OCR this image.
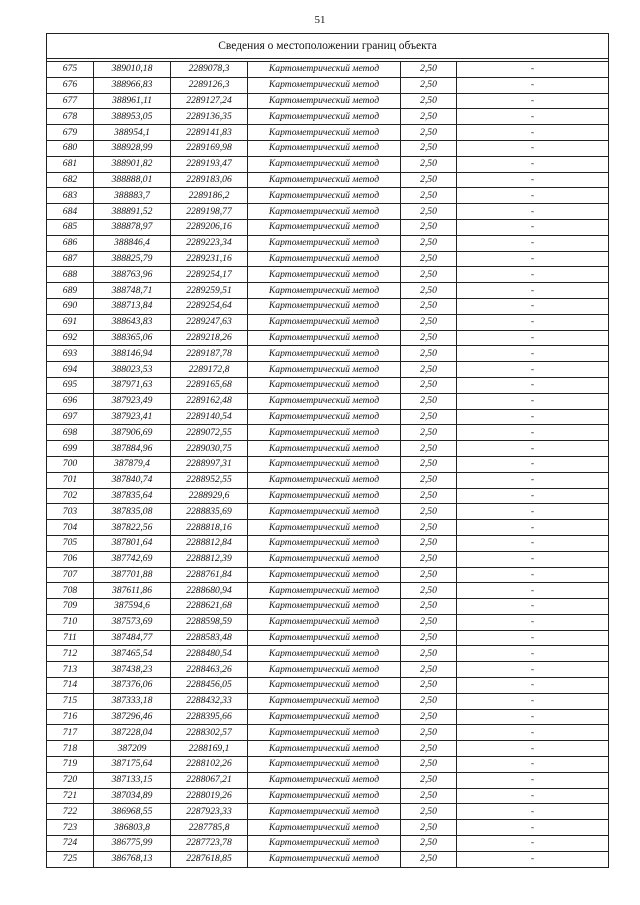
51
Сведения о местоположении границ объекта					

675	389010,18	2289078,3	Картометрический метод	2,50	-
676	388966,83	2289126,3	Картометрический метод	2,50	-
677	388961,11	2289127,24	Картометрический метод	2,50	-
678	388953,05	2289136,35	Картометрический метод	2,50	-
679	388954,1	2289141,83	Картометрический метод	2,50	-
680	388928,99	2289169,98	Картометрический метод	2,50	-
681	388901,82	2289193,47	Картометрический метод	2,50	-
682	388888,01	2289183,06	Картометрический метод	2,50	-
683	388883,7	2289186,2	Картометрический метод	2,50	-
684	388891,52	2289198,77	Картометрический метод	2,50	-
685	388878,97	2289206,16	Картометрический метод	2,50	-
686	388846,4	2289223,34	Картометрический метод	2,50	-
687	388825,79	2289231,16	Картометрический метод	2,50	-
688	388763,96	2289254,17	Картометрический метод	2,50	-
689	388748,71	2289259,51	Картометрический метод	2,50	-
690	388713,84	2289254,64	Картометрический метод	2,50	-
691	388643,83	2289247,63	Картометрический метод	2,50	-
692	388365,06	2289218,26	Картометрический метод	2,50	-
693	388146,94	2289187,78	Картометрический метод	2,50	-
694	388023,53	2289172,8	Картометрический метод	2,50	-
695	387971,63	2289165,68	Картометрический метод	2,50	-
696	387923,49	2289162,48	Картометрический метод	2,50	-
697	387923,41	2289140,54	Картометрический метод	2,50	-
698	387906,69	2289072,55	Картометрический метод	2,50	-
699	387884,96	2289030,75	Картометрический метод	2,50	-
700	387879,4	2288997,31	Картометрический метод	2,50	-
701	387840,74	2288952,55	Картометрический метод	2,50	-
702	387835,64	2288929,6	Картометрический метод	2,50	-
703	387835,08	2288835,69	Картометрический метод	2,50	-
704	387822,56	2288818,16	Картометрический метод	2,50	-
705	387801,64	2288812,84	Картометрический метод	2,50	-
706	387742,69	2288812,39	Картометрический метод	2,50	-
707	387701,88	2288761,84	Картометрический метод	2,50	-
708	387611,86	2288680,94	Картометрический метод	2,50	-
709	387594,6	2288621,68	Картометрический метод	2,50	-
710	387573,69	2288598,59	Картометрический метод	2,50	-
711	387484,77	2288583,48	Картометрический метод	2,50	-
712	387465,54	2288480,54	Картометрический метод	2,50	-
713	387438,23	2288463,26	Картометрический метод	2,50	-
714	387376,06	2288456,05	Картометрический метод	2,50	-
715	387333,18	2288432,33	Картометрический метод	2,50	-
716	387296,46	2288395,66	Картометрический метод	2,50	-
717	387228,04	2288302,57	Картометрический метод	2,50	-
718	387209	2288169,1	Картометрический метод	2,50	-
719	387175,64	2288102,26	Картометрический метод	2,50	-
720	387133,15	2288067,21	Картометрический метод	2,50	-
721	387034,89	2288019,26	Картометрический метод	2,50	-
722	386968,55	2287923,33	Картометрический метод	2,50	-
723	386803,8	2287785,8	Картометрический метод	2,50	-
724	386775,99	2287723,78	Картометрический метод	2,50	-
725	386768,13	2287618,85	Картометрический метод	2,50	-
